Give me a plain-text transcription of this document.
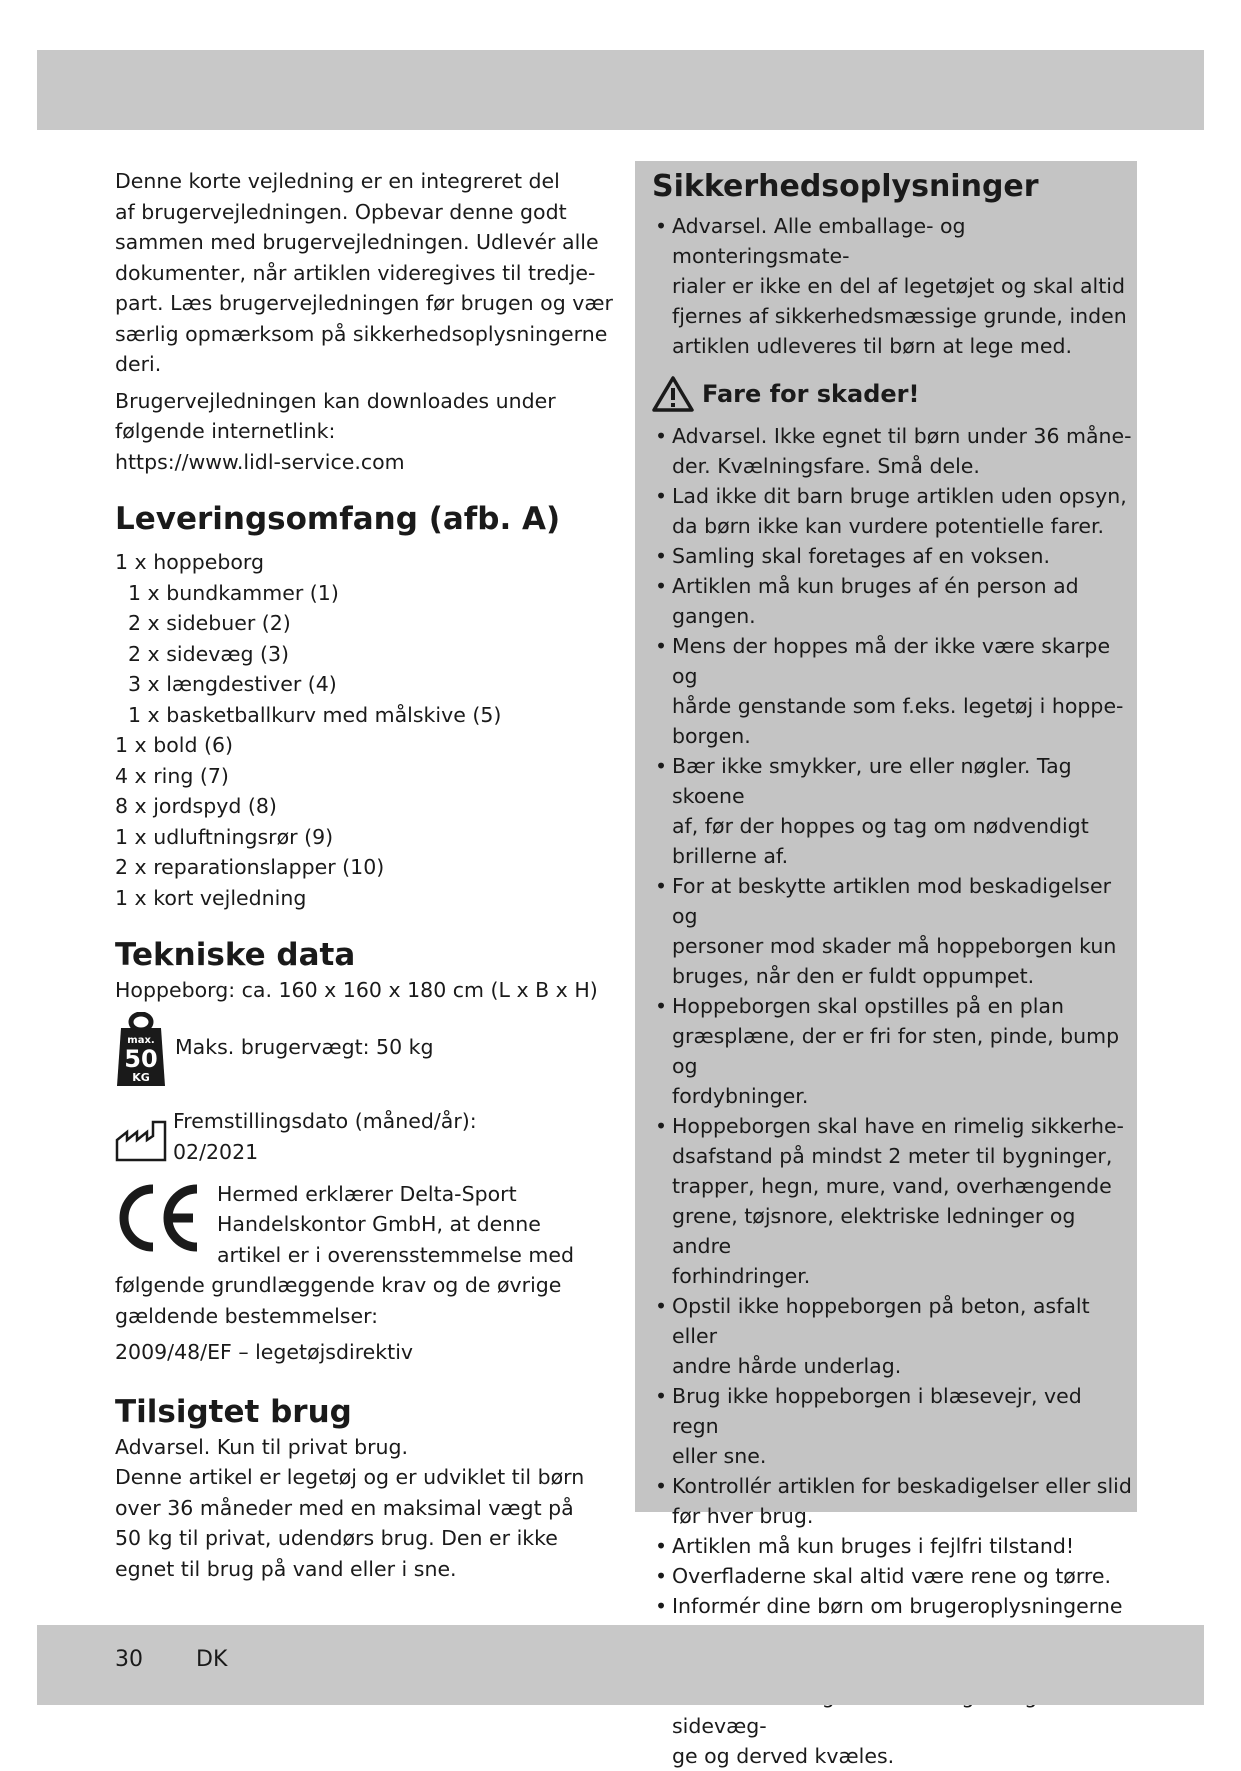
Denne korte vejledning er en integreret del
af brugervejledningen. Opbevar denne godt
sammen med brugervejledningen. Udlevér alle
dokumenter, når artiklen videregives til tredje-
part. Læs brugervejledningen før brugen og vær
særlig opmærksom på sikkerhedsoplysningerne
deri.

Brugervejledningen kan downloades under
følgende internetlink:
https://www.lidl-service.com

Leveringsomfang (afb. A)
1 x hoppeborg
1 x bundkammer (1)
2 x sidebuer (2)
2 x sidevæg (3)
3 x længdestiver (4)
1 x basketballkurv med målskive (5)
1 x bold (6)
4 x ring (7)
8 x jordspyd (8)
1 x udluftningsrør (9)
2 x reparationslapper (10)
1 x kort vejledning
Tekniske data

Hoppeborg: ca. 160 x 160 x 180 cm (L x B x H)

max.
50
KG
Maks. brugervægt: 50 kg
Fremstillingsdato (måned/år):
02/2021
Hermed erklærer Delta-Sport
Handelskontor GmbH, at denne
artikel er i overensstemmelse med

følgende grundlæggende krav og de øvrige
gældende bestemmelser:

2009/48/EF – legetøjsdirektiv

Tilsigtet brug

Advarsel. Kun til privat brug.

Denne artikel er legetøj og er udviklet til børn
over 36 måneder med en maksimal vægt på
50 kg til privat, udendørs brug. Den er ikke
egnet til brug på vand eller i sne.

Sikkerhedsoplysninger
• Advarsel. Alle emballage- og monteringsmate-
rialer er ikke en del af legetøjet og skal altid
fjernes af sikkerhedsmæssige grunde, inden
artiklen udleveres til børn at lege med.
Fare for skader!
• Advarsel. Ikke egnet til børn under 36 måne-
der. Kvælningsfare. Små dele.
• Lad ikke dit barn bruge artiklen uden opsyn,
da børn ikke kan vurdere potentielle farer.
• Samling skal foretages af en voksen.
• Artiklen må kun bruges af én person ad
gangen.
• Mens der hoppes må der ikke være skarpe og
hårde genstande som f.eks. legetøj i hoppe-
borgen.
• Bær ikke smykker, ure eller nøgler. Tag skoene
af, før der hoppes og tag om nødvendigt
brillerne af.
• For at beskytte artiklen mod beskadigelser og
personer mod skader må hoppeborgen kun
bruges, når den er fuldt oppumpet.
• Hoppeborgen skal opstilles på en plan
græsplæne, der er fri for sten, pinde, bump og
fordybninger.
• Hoppeborgen skal have en rimelig sikkerhe-
dsafstand på mindst 2 meter til bygninger,
trapper, hegn, mure, vand, overhængende
grene, tøjsnore, elektriske ledninger og andre
forhindringer.
• Opstil ikke hoppeborgen på beton, asfalt eller
andre hårde underlag.
• Brug ikke hoppeborgen i blæsevejr, ved regn
eller sne.
• Kontrollér artiklen for beskadigelser eller slid
før hver brug.
• Artiklen må kun bruges i fejlfri tilstand!
• Overfladerne skal altid være rene og tørre.
• Informér dine børn om brugeroplysningerne
• sidevæg-
ge og derved kvæles.
30 DK
